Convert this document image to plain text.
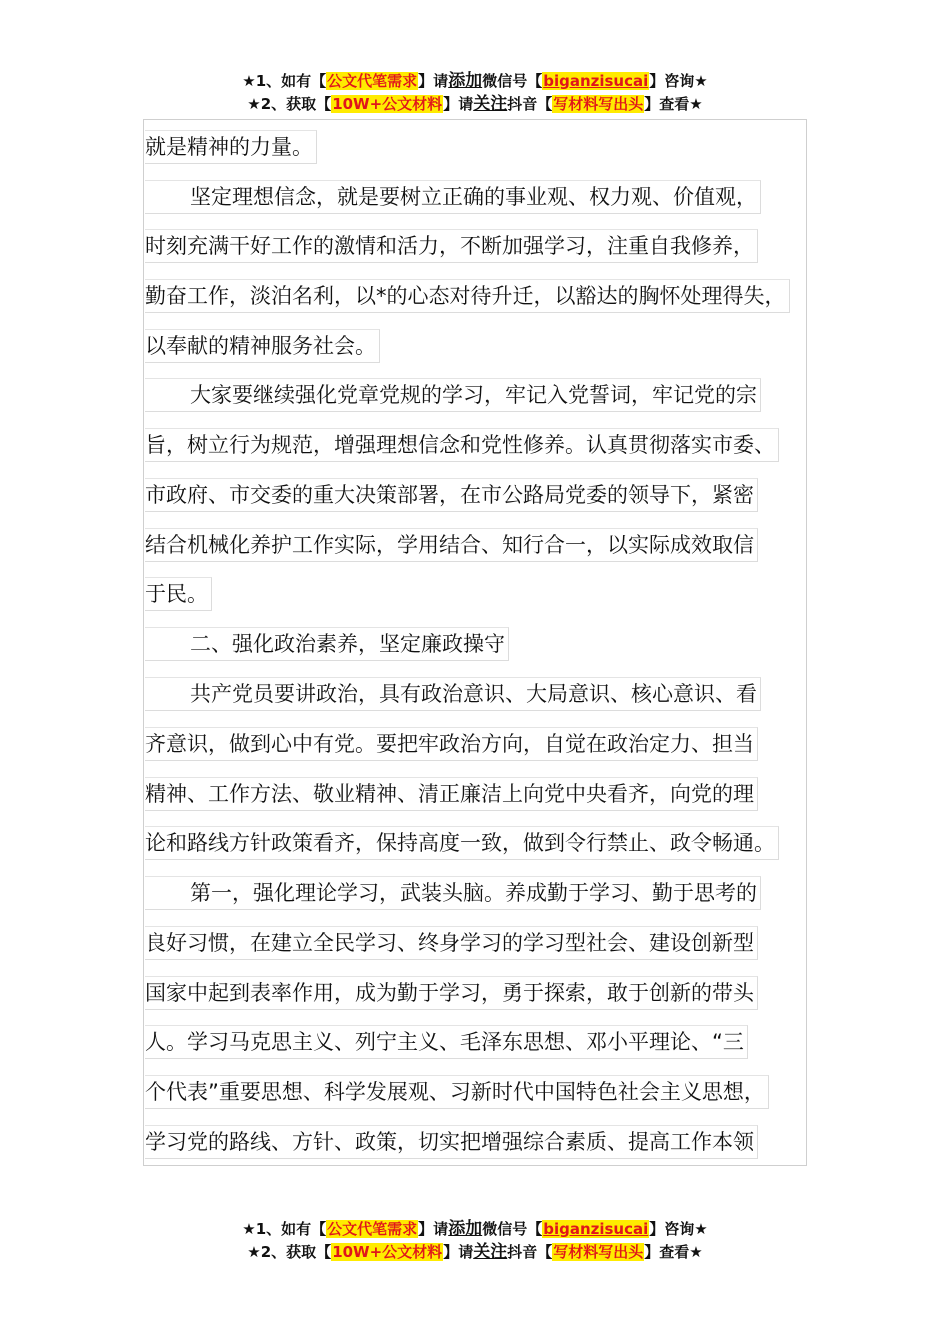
★1、如有【公文代笔需求】请添加微信号【biganzisucai】咨询★
★2、获取【10W+公文材料】请关注抖音【写材料写出头】查看★
就是精神的力量。
坚定理想信念，就是要树立正确的事业观、权力观、价值观，
时刻充满干好工作的激情和活力，不断加强学习，注重自我修养，
勤奋工作，淡泊名利，以*的心态对待升迁，以豁达的胸怀处理得失，
以奉献的精神服务社会。
大家要继续强化党章党规的学习，牢记入党誓词，牢记党的宗
旨，树立行为规范，增强理想信念和党性修养。认真贯彻落实市委、
市政府、市交委的重大决策部署，在市公路局党委的领导下，紧密
结合机械化养护工作实际，学用结合、知行合一，以实际成效取信
于民。
二、强化政治素养，坚定廉政操守
共产党员要讲政治，具有政治意识、大局意识、核心意识、看
齐意识，做到心中有党。要把牢政治方向，自觉在政治定力、担当
精神、工作方法、敬业精神、清正廉洁上向党中央看齐，向党的理
论和路线方针政策看齐，保持高度一致，做到令行禁止、政令畅通。
第一，强化理论学习，武装头脑。养成勤于学习、勤于思考的
良好习惯，在建立全民学习、终身学习的学习型社会、建设创新型
国家中起到表率作用，成为勤于学习，勇于探索，敢于创新的带头
人。学习马克思主义、列宁主义、毛泽东思想、邓小平理论、“三
个代表”重要思想、科学发展观、习新时代中国特色社会主义思想，
学习党的路线、方针、政策，切实把增强综合素质、提高工作本领
★1、如有【公文代笔需求】请添加微信号【biganzisucai】咨询★
★2、获取【10W+公文材料】请关注抖音【写材料写出头】查看★
